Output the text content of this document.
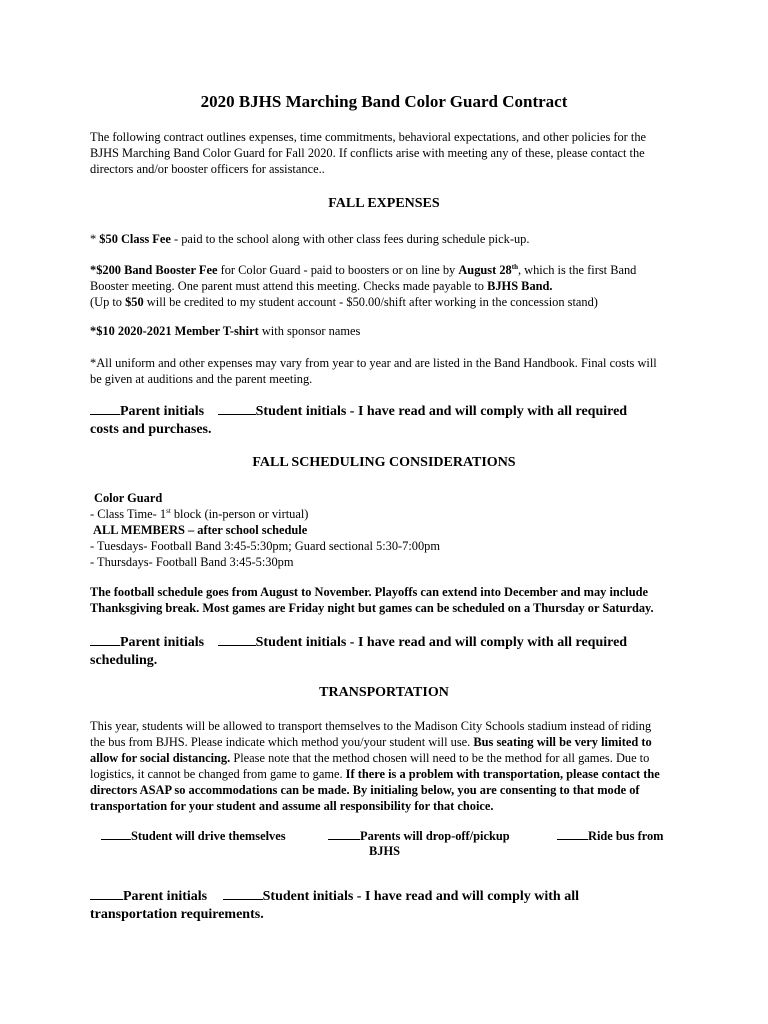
2020 BJHS Marching Band Color Guard Contract
The following contract outlines expenses, time commitments, behavioral expectations, and other policies for the
BJHS Marching Band Color Guard for Fall 2020. If conflicts arise with meeting any of these, please contact the
directors and/or booster officers for assistance..
FALL EXPENSES
* $50 Class Fee - paid to the school along with other class fees during schedule pick-up.
*$200 Band Booster Fee for Color Guard - paid to boosters or on line by August 28th, which is the first Band
Booster meeting. One parent must attend this meeting. Checks made payable to BJHS Band.
(Up to $50 will be credited to my student account - $50.00/shift after working in the concession stand)
*$10 2020-2021 Member T-shirt with sponsor names
*All uniform and other expenses may vary from year to year and are listed in the Band Handbook. Final costs will
be given at auditions and the parent meeting.
Parent initials	Student initials - I have read and will comply with all required
costs and purchases.
FALL SCHEDULING CONSIDERATIONS
Color Guard
- Class Time- 1st block (in-person or virtual)
ALL MEMBERS – after school schedule
- Tuesdays- Football Band 3:45-5:30pm; Guard sectional 5:30-7:00pm
- Thursdays- Football Band 3:45-5:30pm
The football schedule goes from August to November. Playoffs can extend into December and may include
Thanksgiving break. Most games are Friday night but games can be scheduled on a Thursday or Saturday.
Parent initials	Student initials - I have read and will comply with all required
scheduling.
TRANSPORTATION
This year, students will be allowed to transport themselves to the Madison City Schools stadium instead of riding
the bus from BJHS. Please indicate which method you/your student will use. Bus seating will be very limited to
allow for social distancing. Please note that the method chosen will need to be the method for all games. Due to
logistics, it cannot be changed from game to game. If there is a problem with transportation, please contact the
directors ASAP so accommodations can be made. By initialing below, you are consenting to that mode of
transportation for your student and assume all responsibility for that choice.
Student will drive themselves	Parents will drop-off/pickup	Ride bus from
BJHS
Parent initials	Student initials - I have read and will comply with all
transportation requirements.
